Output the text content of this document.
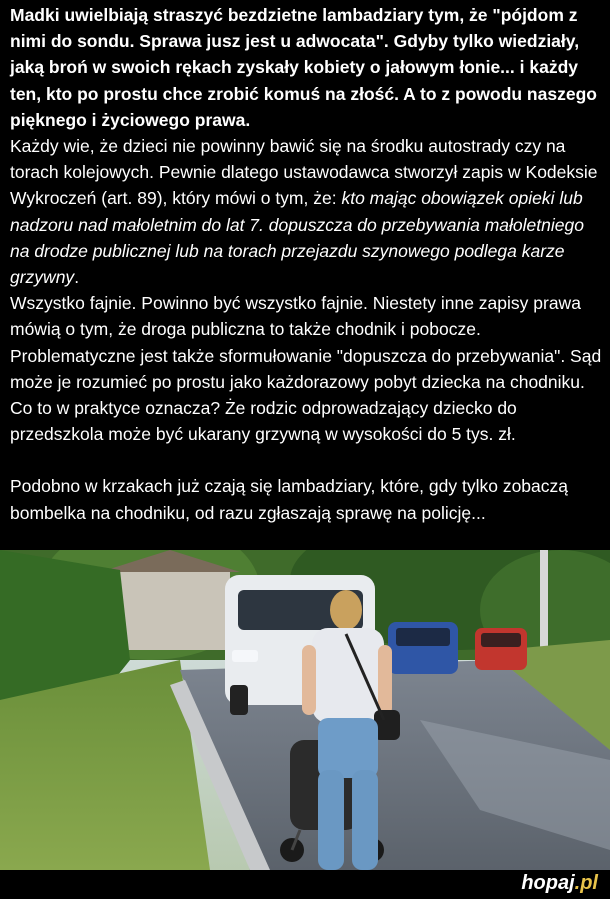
Madki uwielbiają straszyć bezdzietne lambadziary tym, że "pójdom z nimi do sondu. Sprawa jusz jest u adwocata". Gdyby tylko wiedziały, jaką broń w swoich rękach zyskały kobiety o jałowym łonie... i każdy ten, kto po prostu chce zrobić komuś na złość. A to z powodu naszego pięknego i życiowego prawa.

Każdy wie, że dzieci nie powinny bawić się na środku autostrady czy na torach kolejowych. Pewnie dlatego ustawodawca stworzył zapis w Kodeksie Wykroczeń (art. 89), który mówi o tym, że: kto mając obowiązek opieki lub nadzoru nad małoletnim do lat 7. dopuszcza do przebywania małoletniego na drodze publicznej lub na torach przejazdu szynowego podlega karze grzywny.

Wszystko fajnie. Powinno być wszystko fajnie. Niestety inne zapisy prawa mówią o tym, że droga publiczna to także chodnik i pobocze. Problematyczne jest także sformułowanie "dopuszcza do przebywania". Sąd może je rozumieć po prostu jako każdorazowy pobyt dziecka na chodniku.

Co to w praktyce oznacza? Że rodzic odprowadzający dziecko do przedszkola może być ukarany grzywną w wysokości do 5 tys. zł.

Podobno w krzakach już czają się lambadziary, które, gdy tylko zobaczą bombelka na chodniku, od razu zgłaszają sprawę na policję...

hopaj.pl
